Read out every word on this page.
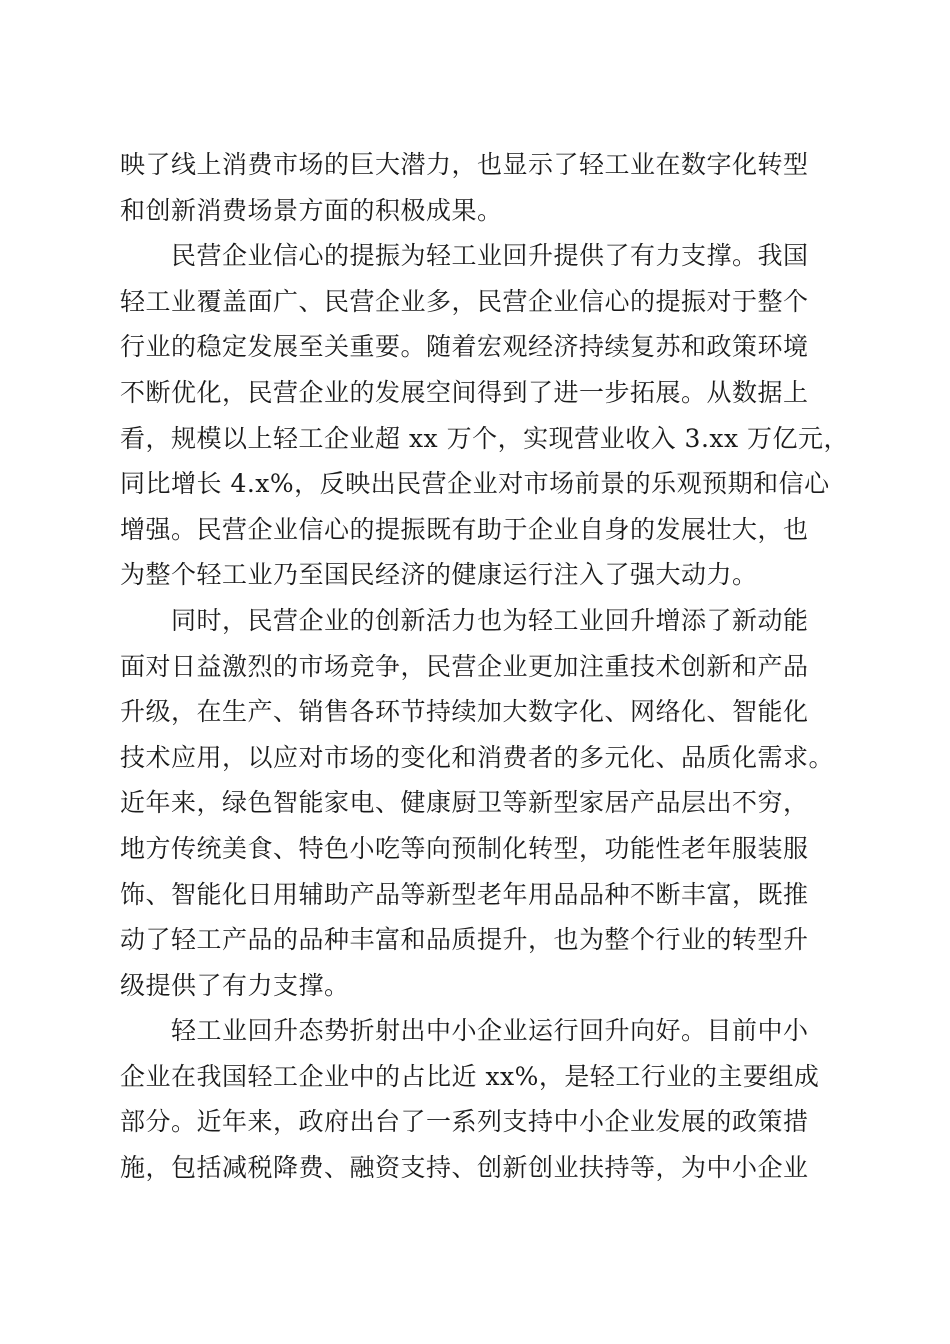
映了线上消费市场的巨大潜力，也显示了轻工业在数字化转型
和创新消费场景方面的积极成果。
　　民营企业信心的提振为轻工业回升提供了有力支撑。我国
轻工业覆盖面广、民营企业多，民营企业信心的提振对于整个
行业的稳定发展至关重要。随着宏观经济持续复苏和政策环境
不断优化，民营企业的发展空间得到了进一步拓展。从数据上
看，规模以上轻工企业超 xx 万个，实现营业收入 3.xx 万亿元，
同比增长 4.x%，反映出民营企业对市场前景的乐观预期和信心
增强。民营企业信心的提振既有助于企业自身的发展壮大，也
为整个轻工业乃至国民经济的健康运行注入了强大动力。
　　同时，民营企业的创新活力也为轻工业回升增添了新动能
面对日益激烈的市场竞争，民营企业更加注重技术创新和产品
升级，在生产、销售各环节持续加大数字化、网络化、智能化
技术应用，以应对市场的变化和消费者的多元化、品质化需求。
近年来，绿色智能家电、健康厨卫等新型家居产品层出不穷，
地方传统美食、特色小吃等向预制化转型，功能性老年服装服
饰、智能化日用辅助产品等新型老年用品品种不断丰富，既推
动了轻工产品的品种丰富和品质提升，也为整个行业的转型升
级提供了有力支撑。
　　轻工业回升态势折射出中小企业运行回升向好。目前中小
企业在我国轻工企业中的占比近 xx%，是轻工行业的主要组成
部分。近年来，政府出台了一系列支持中小企业发展的政策措
施，包括减税降费、融资支持、创新创业扶持等，为中小企业
